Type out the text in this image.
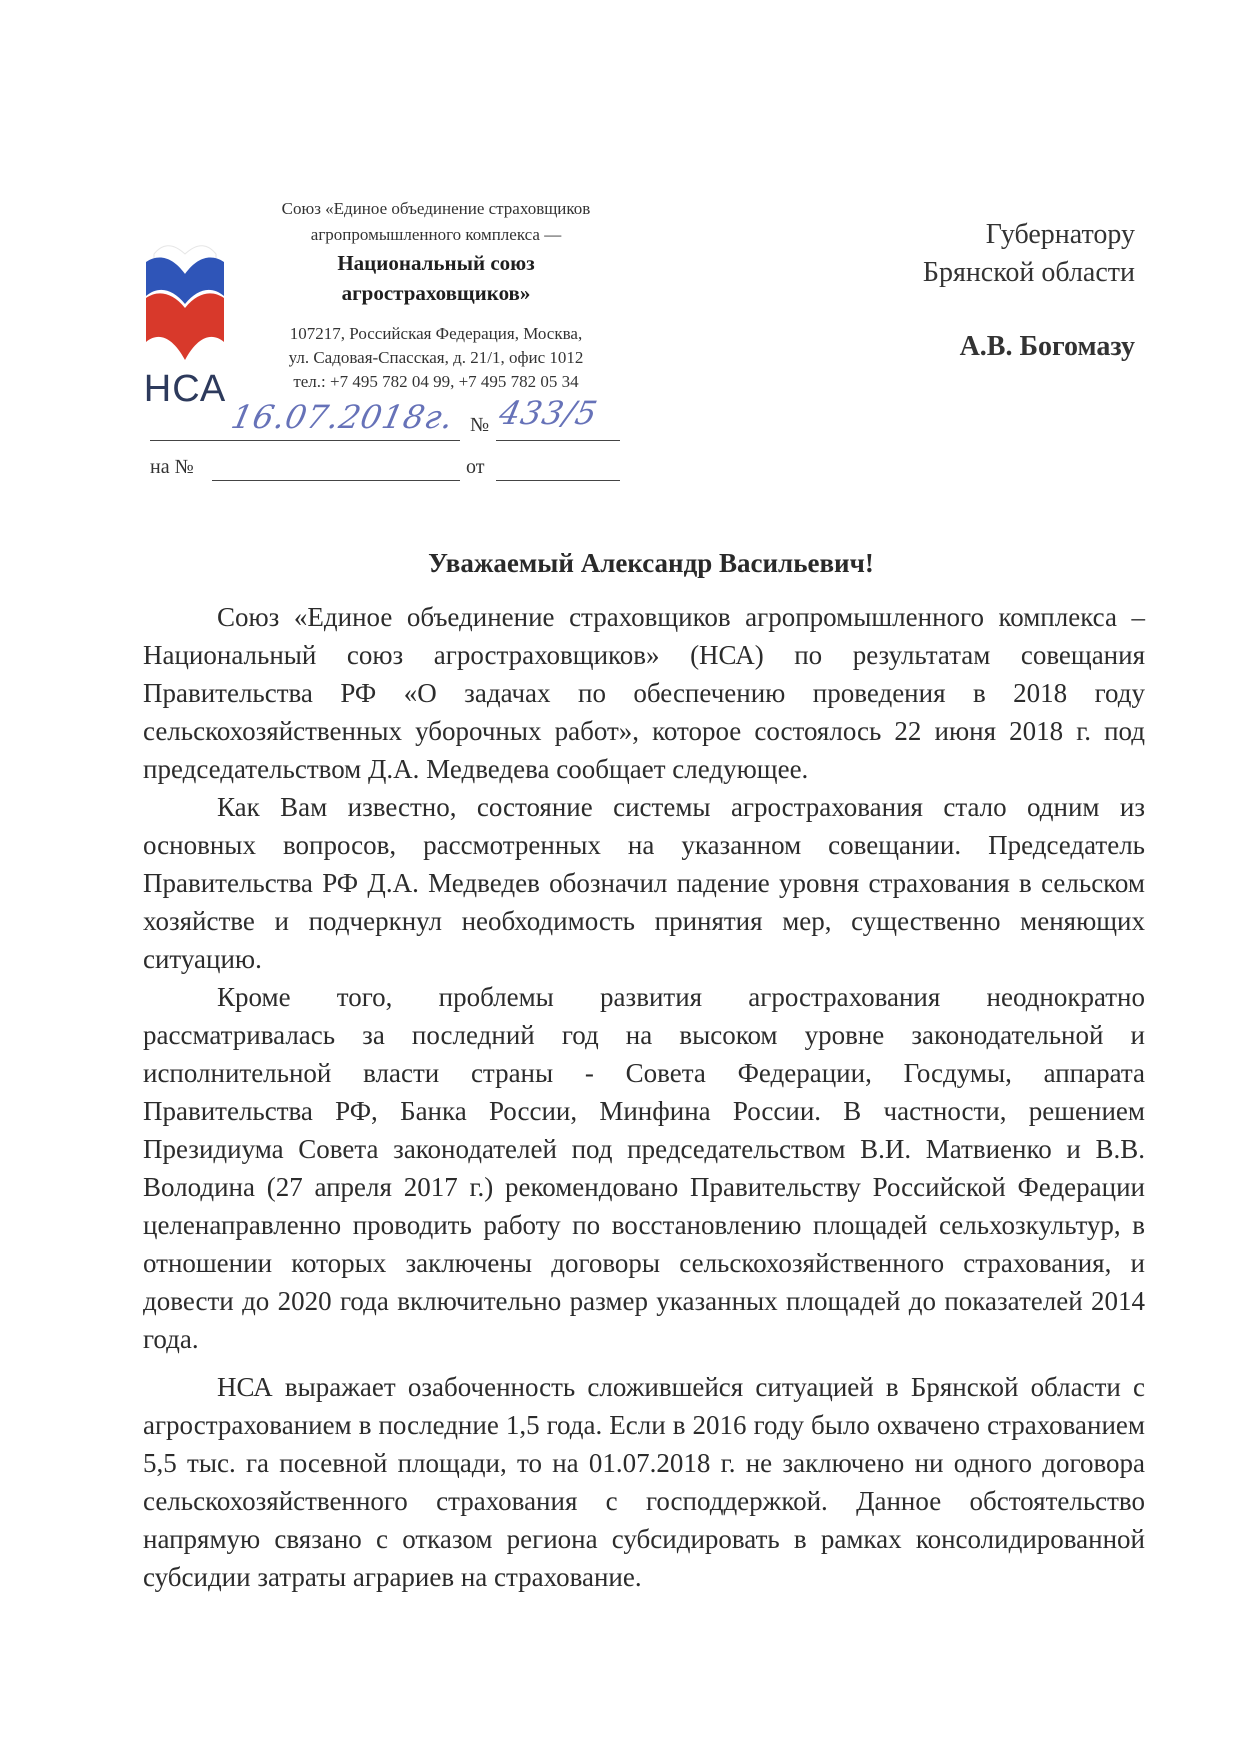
НСА
Союз «Единое объединение страховщиков
агропромышленного комплекса —
Национальный союз
агростраховщиков»
107217, Российская Федерация, Москва,
ул. Садовая-Спасская, д. 21/1, офис 1012
тел.: +7 495 782 04 99, +7 495 782 05 34
16.07.2018г. № 433/5
на №	от
Губернатору
Брянской области
А.В. Богомазу
Уважаемый Александр Васильевич!

Союз «Единое объединение страховщиков агропромышленного комплекса – Национальный союз агростраховщиков» (НСА) по результатам совещания Правительства РФ «О задачах по обеспечению проведения в 2018 году сельскохозяйственных уборочных работ», которое состоялось 22 июня 2018 г. под председательством Д.А. Медведева сообщает следующее.

Как Вам известно, состояние системы агрострахования стало одним из основных вопросов, рассмотренных на указанном совещании. Председатель Правительства РФ Д.А. Медведев обозначил падение уровня страхования в сельском хозяйстве и подчеркнул необходимость принятия мер, существенно меняющих ситуацию.

Кроме того, проблемы развития агрострахования неоднократно рассматривалась за последний год на высоком уровне законодательной и исполнительной власти страны - Совета Федерации, Госдумы, аппарата Правительства РФ, Банка России, Минфина России. В частности, решением Президиума Совета законодателей под председательством В.И. Матвиенко и В.В. Володина (27 апреля 2017 г.) рекомендовано Правительству Российской Федерации целенаправленно проводить работу по восстановлению площадей сельхозкультур, в отношении которых заключены договоры сельскохозяйственного страхования, и довести до 2020 года включительно размер указанных площадей до показателей 2014 года.

НСА выражает озабоченность сложившейся ситуацией в Брянской области с агрострахованием в последние 1,5 года. Если в 2016 году было охвачено страхованием 5,5 тыс. га посевной площади, то на 01.07.2018 г. не заключено ни одного договора сельскохозяйственного страхования с господдержкой. Данное обстоятельство напрямую связано с отказом региона субсидировать в рамках консолидированной субсидии затраты аграриев на страхование.
